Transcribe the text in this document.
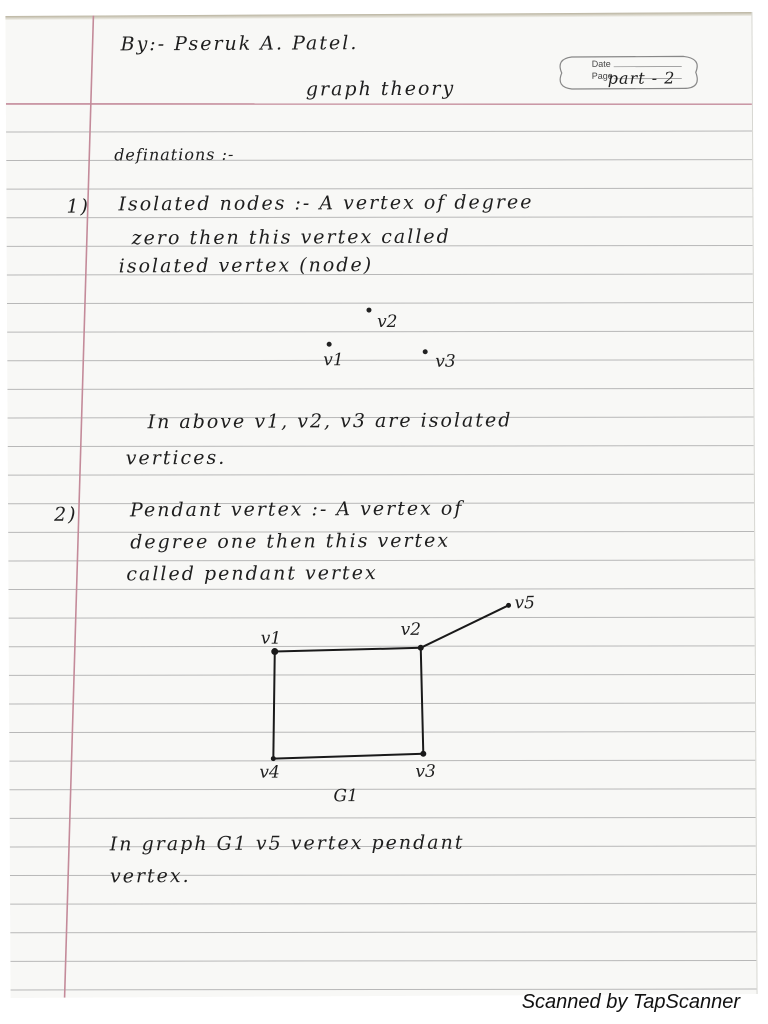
By:- Pseruk A. Patel.
graph theory
Date
Page
part - 2
definations :-
1) Isolated nodes :- A vertex of degree
zero then this vertex called
isolated vertex (node)
v1
v2
v3
In above v1, v2, v3 are isolated
vertices.
2)	Pendant vertex :- A vertex of
degree one then this vertex
called pendant vertex
v1	v2
v3
v4
v5
G1
In graph G1 v5 vertex pendant
vertex.
Scanned by TapScanner
